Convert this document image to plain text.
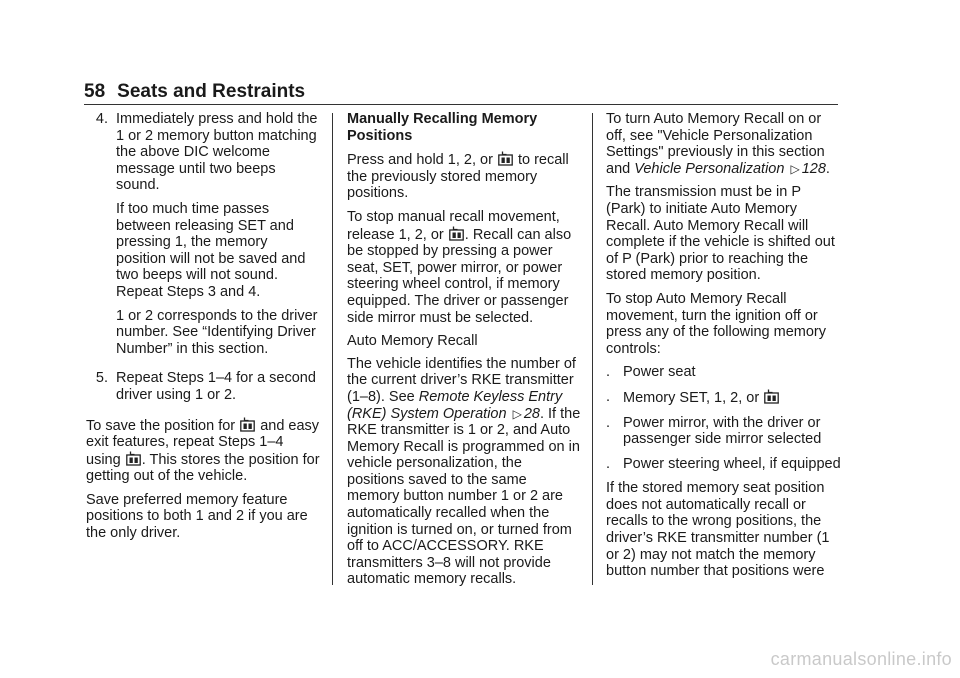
58 Seats and Restraints
4. Immediately press and hold the 1 or 2 memory button matching the above DIC welcome message until two beeps sound.

If too much time passes between releasing SET and pressing 1, the memory position will not be saved and two beeps will not sound. Repeat Steps 3 and 4.

1 or 2 corresponds to the driver number. See “Identifying Driver Number” in this section.

5. Repeat Steps 1–4 for a second driver using 1 or 2.

To save the position for and easy exit features, repeat Steps 1–4 using . This stores the position for getting out of the vehicle.

Save preferred memory feature positions to both 1 and 2 if you are the only driver.

Manually Recalling Memory Positions

Press and hold 1, 2, or to recall the previously stored memory positions.

To stop manual recall movement, release 1, 2, or . Recall can also be stopped by pressing a power seat, SET, power mirror, or power steering wheel control, if memory equipped. The driver or passenger side mirror must be selected.

Auto Memory Recall

The vehicle identifies the number of the current driver’s RKE transmitter (1–8). See Remote Keyless Entry (RKE) System Operation ▷ 28. If the RKE transmitter is 1 or 2, and Auto Memory Recall is programmed on in vehicle personalization, the positions saved to the same memory button number 1 or 2 are automatically recalled when the ignition is turned on, or turned from off to ACC/ACCESSORY. RKE transmitters 3–8 will not provide automatic memory recalls.

To turn Auto Memory Recall on or off, see "Vehicle Personalization Settings" previously in this section and Vehicle Personalization ▷ 128.

The transmission must be in P (Park) to initiate Auto Memory Recall. Auto Memory Recall will complete if the vehicle is shifted out of P (Park) prior to reaching the stored memory position.

To stop Auto Memory Recall movement, turn the ignition off or press any of the following memory controls:

. Power seat
. Memory SET, 1, 2, or
. Power mirror, with the driver or passenger side mirror selected
. Power steering wheel, if equipped

If the stored memory seat position does not automatically recall or recalls to the wrong positions, the driver’s RKE transmitter number (1 or 2) may not match the memory button number that positions were

carmanualsonline.info
